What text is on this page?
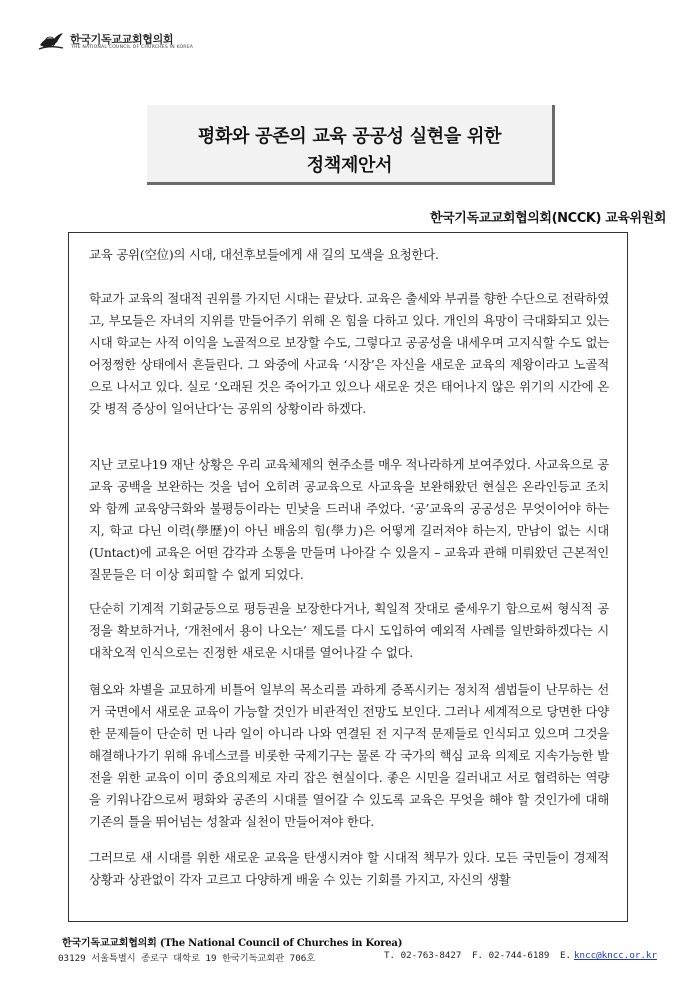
한국기독교교회협의회
THE NATIONAL COUNCIL OF CHURCHES IN KOREA
평화와 공존의 교육 공공성 실현을 위한
정책제안서
한국기독교교회협의회(NCCK) 교육위원회

교육 공위(空位)의 시대, 대선후보들에게 새 길의 모색을 요청한다.

학교가 교육의 절대적 권위를 가지던 시대는 끝났다. 교육은 출세와 부귀를 향한 수단으로 전락하였고, 부모들은 자녀의 지위를 만들어주기 위해 온 힘을 다하고 있다. 개인의 욕망이 극대화되고 있는 시대 학교는 사적 이익을 노골적으로 보장할 수도, 그렇다고 공공성을 내세우며 고지식할 수도 없는 어정쩡한 상태에서 흔들린다. 그 와중에 사교육 ‘시장’은 자신을 새로운 교육의 제왕이라고 노골적으로 나서고 있다. 실로 ‘오래된 것은 죽어가고 있으나 새로운 것은 태어나지 않은 위기의 시간에 온갖 병적 증상이 일어난다’는 공위의 상황이라 하겠다.

지난 코로나19 재난 상황은 우리 교육체제의 현주소를 매우 적나라하게 보여주었다. 사교육으로 공교육 공백을 보완하는 것을 넘어 오히려 공교육으로 사교육을 보완해왔던 현실은 온라인등교 조치와 함께 교육양극화와 불평등이라는 민낯을 드러내 주었다. ‘공’교육의 공공성은 무엇이어야 하는지, 학교 다닌 이력(學歷)이 아닌 배움의 힘(學力)은 어떻게 길러져야 하는지, 만남이 없는 시대(Untact)에 교육은 어떤 감각과 소통을 만들며 나아갈 수 있을지 – 교육과 관해 미뤄왔던 근본적인 질문들은 더 이상 회피할 수 없게 되었다.

단순히 기계적 기회균등으로 평등권을 보장한다거나, 획일적 잣대로 줄세우기 함으로써 형식적 공정을 확보하거나, ‘개천에서 용이 나오는’ 제도를 다시 도입하여 예외적 사례를 일반화하겠다는 시대착오적 인식으로는 진정한 새로운 시대를 열어나갈 수 없다.

혐오와 차별을 교묘하게 비틀어 일부의 목소리를 과하게 증폭시키는 정치적 셈법들이 난무하는 선거 국면에서 새로운 교육이 가능할 것인가 비관적인 전망도 보인다. 그러나 세계적으로 당면한 다양한 문제들이 단순히 먼 나라 일이 아니라 나와 연결된 전 지구적 문제들로 인식되고 있으며 그것을 해결해나가기 위해 유네스코를 비롯한 국제기구는 물론 각 국가의 핵심 교육 의제로 지속가능한 발전을 위한 교육이 이미 중요의제로 자리 잡은 현실이다. 좋은 시민을 길러내고 서로 협력하는 역량을 키워나감으로써 평화와 공존의 시대를 열어갈 수 있도록 교육은 무엇을 해야 할 것인가에 대해 기존의 틀을 뛰어넘는 성찰과 실천이 만들어져야 한다.

그러므로 새 시대를 위한 새로운 교육을 탄생시켜야 할 시대적 책무가 있다. 모든 국민들이 경제적 상황과 상관없이 각자 고르고 다양하게 배울 수 있는 기회를 가지고, 자신의 생활

한국기독교교회협의회 (The National Council of Churches in Korea)
03129 서울특별시 종로구 대학로 19 한국기독교회관 706호	T. 02-763-8427 F. 02-744-6189 E. kncc@kncc.or.kr
